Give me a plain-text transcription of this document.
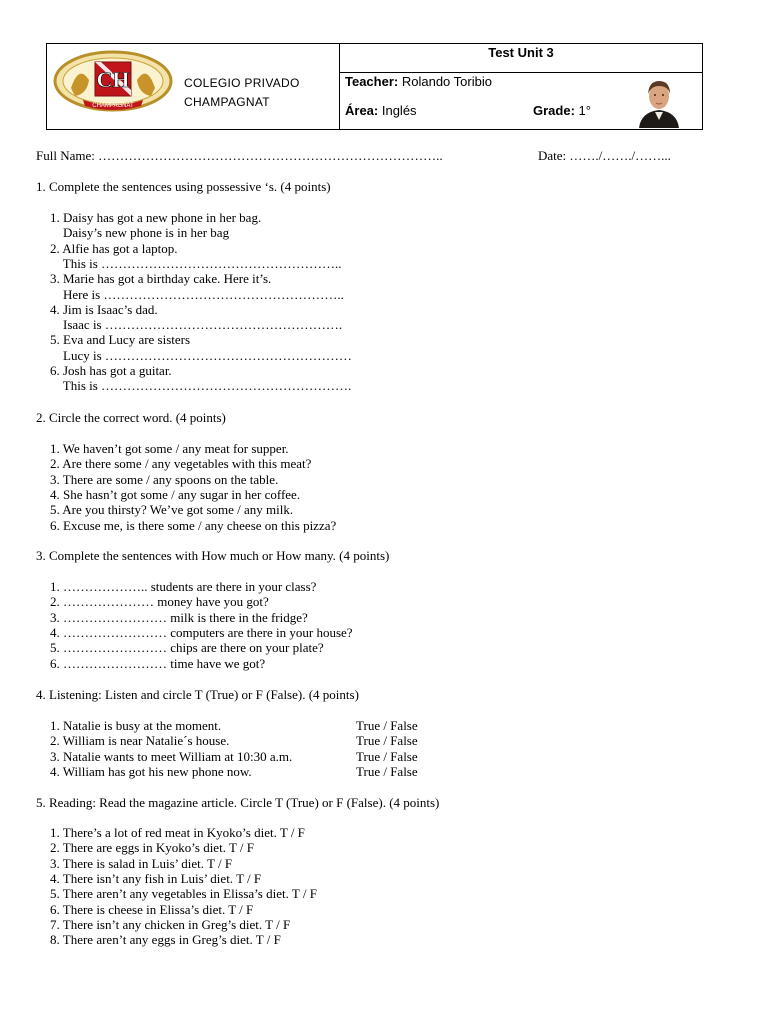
CH
CHAMPAGNAT
COLEGIO PRIVADO
CHAMPAGNAT
Test Unit 3
Teacher: Rolando Toribio
Área: Inglés	Grade: 1°
Full Name: ……………………………………………………………………..	Date: ……./……./……...
1. Complete the sentences using possessive ‘s. (4 points)
1. Daisy has got a new phone in her bag.
Daisy’s new phone is in her bag
2. Alfie has got a laptop.
This is ………………………………………………..
3. Marie has got a birthday cake. Here it’s.
Here is ………………………………………………..
4. Jim is Isaac’s dad.
Isaac is ……………………………………………….
5. Eva and Lucy are sisters
Lucy is …………………………………………………
6. Josh has got a guitar.
This is ………………………………………………….
2. Circle the correct word. (4 points)
1. We haven’t got some / any meat for supper.
2. Are there some / any vegetables with this meat?
3. There are some / any spoons on the table.
4. She hasn’t got some / any sugar in her coffee.
5. Are you thirsty? We’ve got some / any milk.
6. Excuse me, is there some / any cheese on this pizza?
3. Complete the sentences with How much or How many. (4 points)
1. ……………….. students are there in your class?
2. ………………… money have you got?
3. …………………… milk is there in the fridge?
4. …………………… computers are there in your house?
5. …………………… chips are there on your plate?
6. …………………… time have we got?
4. Listening: Listen and circle T (True) or F (False). (4 points)
1. Natalie is busy at the moment.	True / False
2. William is near Natalie´s house.	True / False
3. Natalie wants to meet William at 10:30 a.m.	True / False
4. William has got his new phone now.	True / False
5. Reading: Read the magazine article. Circle T (True) or F (False). (4 points)
1. There’s a lot of red meat in Kyoko’s diet. T / F
2. There are eggs in Kyoko’s diet. T / F
3. There is salad in Luis’ diet. T / F
4. There isn’t any fish in Luis’ diet. T / F
5. There aren’t any vegetables in Elissa’s diet. T / F
6. There is cheese in Elissa’s diet. T / F
7. There isn’t any chicken in Greg’s diet. T / F
8. There aren’t any eggs in Greg’s diet. T / F
